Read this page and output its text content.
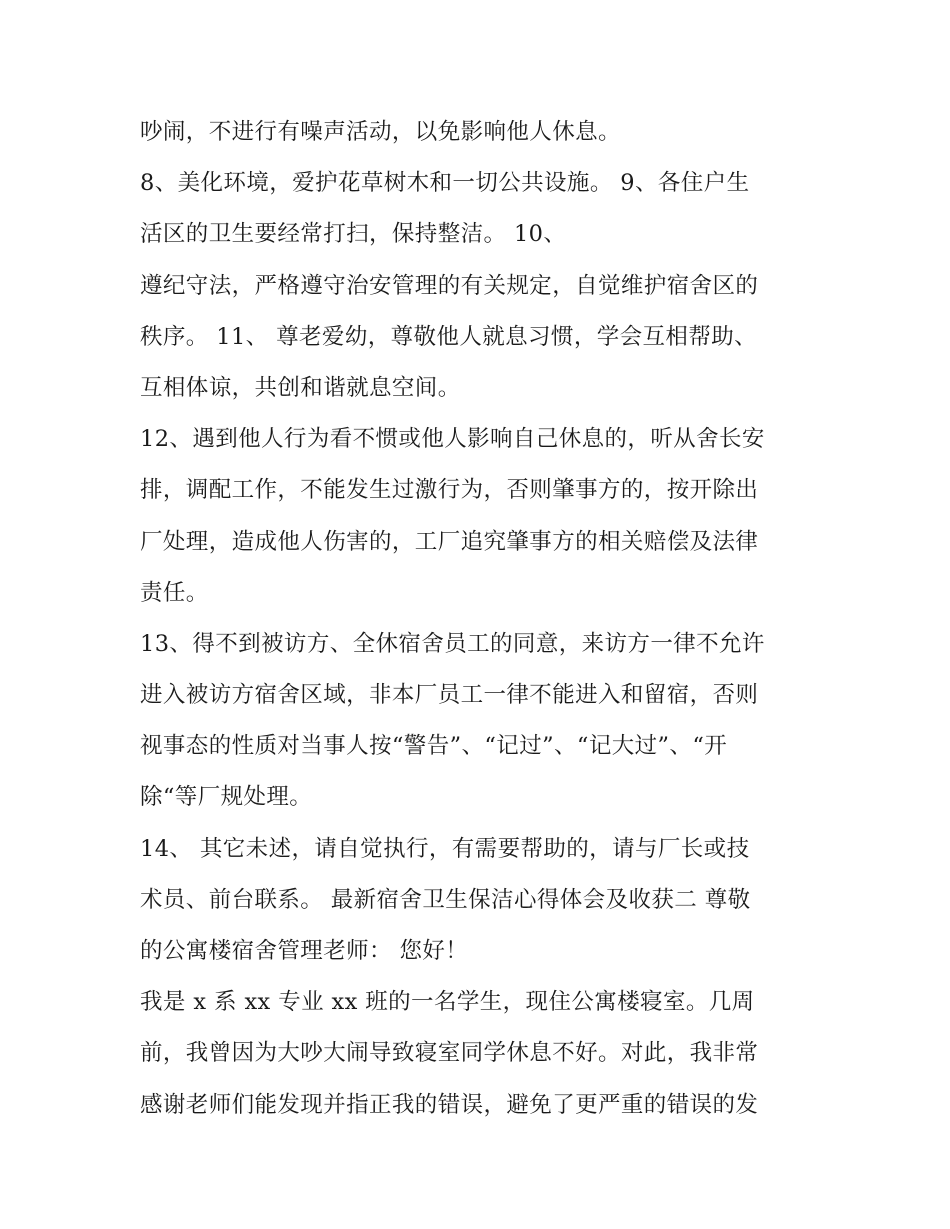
吵闹，不进行有噪声活动，以免影响他人休息。
8、美化环境，爱护花草树木和一切公共设施。 9、各住户生
活区的卫生要经常打扫，保持整洁。 10、
遵纪守法，严格遵守治安管理的有关规定，自觉维护宿舍区的
秩序。 11、 尊老爱幼，尊敬他人就息习惯，学会互相帮助、
互相体谅，共创和谐就息空间。
12、遇到他人行为看不惯或他人影响自己休息的，听从舍长安
排，调配工作，不能发生过激行为，否则肇事方的，按开除出
厂处理，造成他人伤害的，工厂追究肇事方的相关赔偿及法律
责任。
13、得不到被访方、全休宿舍员工的同意，来访方一律不允许
进入被访方宿舍区域，非本厂员工一律不能进入和留宿，否则
视事态的性质对当事人按“警告”、“记过”、“记大过”、“开
除“等厂规处理。
14、 其它未述，请自觉执行，有需要帮助的，请与厂长或技
术员、前台联系。 最新宿舍卫生保洁心得体会及收获二 尊敬
的公寓楼宿舍管理老师： 您好！
我是 x 系 xx 专业 xx 班的一名学生，现住公寓楼寝室。几周
前，我曾因为大吵大闹导致寝室同学休息不好。对此，我非常
感谢老师们能发现并指正我的错误，避免了更严重的错误的发
